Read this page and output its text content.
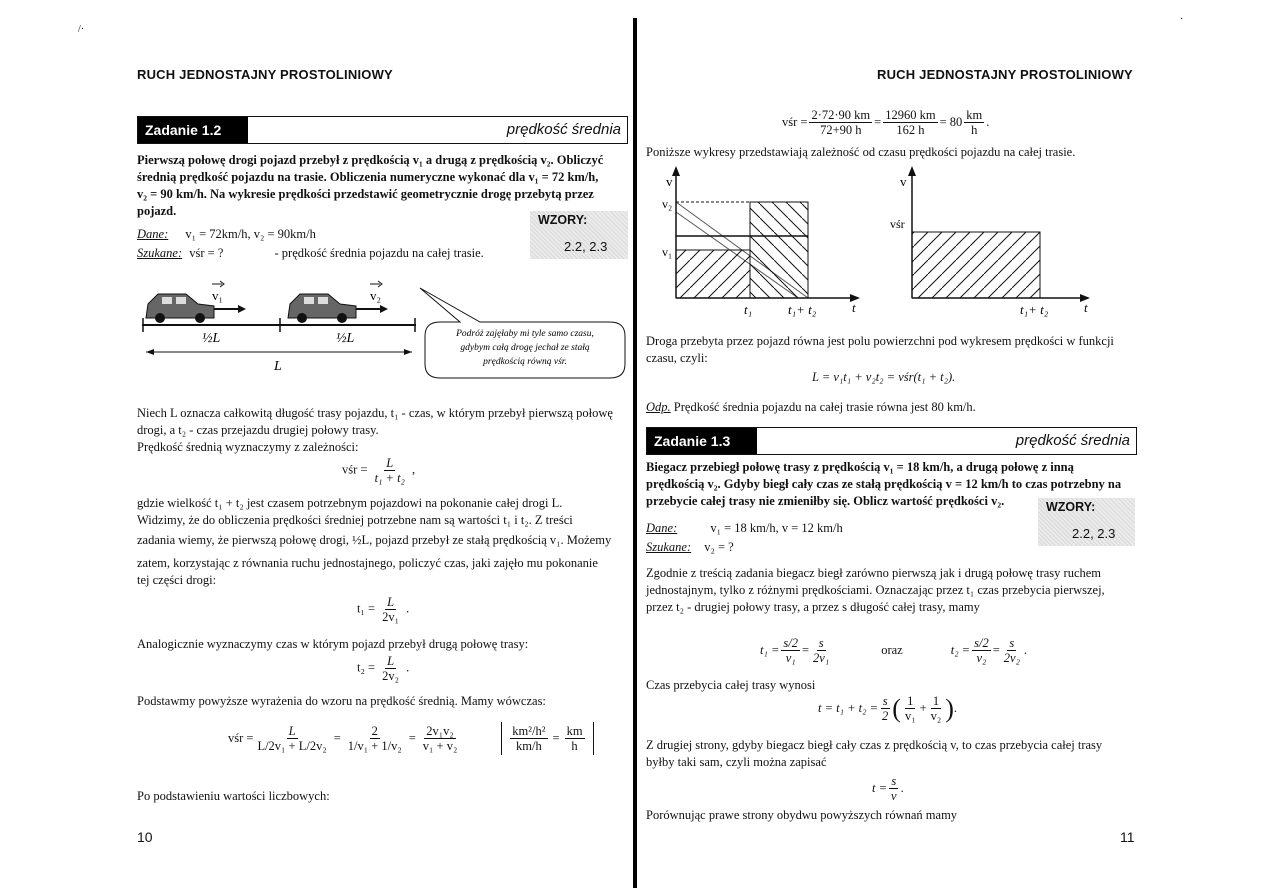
/·
·
RUCH JEDNOSTAJNY PROSTOLINIOWY
Zadanie 1.2	prędkość średnia
Pierwszą połowę drogi pojazd przebył z prędkością v₁ a drugą z prędkością v₂. Obliczyć
średnią prędkość pojazdu na trasie. Obliczenia numeryczne wykonać dla v₁ = 72 km/h,
v₂ = 90 km/h. Na wykresie prędkości przedstawić geometrycznie drogę przebytą przez
pojazd.
WZORY:
2.2, 2.3
Dane: v₁ = 72km/h, v₂ = 90km/h
Szukane: vśr = ?	- prędkość średnia pojazdu na całej trasie.
v₁	v₂
½L	½L
L
Podróż zajęłaby mi tyle samo czasu,
gdybym całą drogę jechał ze stałą
prędkością równą vśr.
Niech L oznacza całkowitą długość trasy pojazdu, t₁ - czas, w którym przebył pierwszą połowę
drogi, a t₂ - czas przejazdu drugiej połowy trasy.
Prędkość średnią wyznaczymy z zależności:
vśr = $\frac{L}{\text{t₁ + t₂}}$ ,
gdzie wielkość t₁ + t₂ jest czasem potrzebnym pojazdowi na pokonanie całej drogi L.
Widzimy, że do obliczenia prędkości średniej potrzebne nam są wartości t₁ i t₂. Z treści
zadania wiemy, że pierwszą połowę drogi, ½L, pojazd przebył ze stałą prędkością v₁. Możemy
zatem, korzystając z równania ruchu jednostajnego, policzyć czas, jaki zajęło mu pokonanie
tej części drogi:
$t_1 = \frac{L}{\text{2v₁}}$ .
Analogicznie wyznaczymy czas w którym pojazd przebył drugą połowę trasy:
$t_2 = \frac{L}{\text{2v₂}}$ .
Podstawmy powyższe wyrażenia do wzoru na prędkość średnią. Mamy wówczas:
vśr = $\frac{L}{\text{L/2v₁ + L/2v₂}} = \frac{2}{\text{1/v₁ + 1/v₂}} = \frac{\text{2v₁v₂}}{\text{v₁ + v₂}}$	$\frac{\text{km²/h²}}{km/h} = \frac{km}{h}$
Po podstawieniu wartości liczbowych:
10
RUCH JEDNOSTAJNY PROSTOLINIOWY
vśr = $\frac{2\cdot 72\cdot 90 km}{72+90 h} = \frac{12960 km}{162 h} = 80 \frac{km}{h}$ .
Poniższe wykresy przedstawiają zależność od czasu prędkości pojazdu na całej trasie.
v
v₂
v₁
t₁	t₁+ t₂	t
v
vśr
t₁+ t₂	t
Droga przebyta przez pojazd równa jest polu powierzchni pod wykresem prędkości w funkcji
czasu, czyli:
L = v₁t₁ + v₂t₂ = vśr(t₁ + t₂).
Odp. Prędkość średnia pojazdu na całej trasie równa jest 80 km/h.
Zadanie 1.3	prędkość średnia
Biegacz przebiegł połowę trasy z prędkością v₁ = 18 km/h, a drugą połowę z inną
prędkością v₂. Gdyby biegł cały czas ze stałą prędkością v = 12 km/h to czas potrzebny na
przebycie całej trasy nie zmieniłby się. Oblicz wartość prędkości v₂.	WZORY:
2.2, 2.3
Dane:	v₁ = 18 km/h, v = 12 km/h
Szukane: v₂ = ?
Zgodnie z treścią zadania biegacz biegł zarówno pierwszą jak i drugą połowę trasy ruchem
jednostajnym, tylko z różnymi prędkościami. Oznaczając przez t₁ czas przebycia pierwszej,
przez t₂ - drugiej połowy trasy, a przez s długość całej trasy, mamy
$t_1 = \frac{s/2}{\text{v₁}} = \frac{s}{\text{2v₁}}$	oraz	$t_2 = \frac{s/2}{\text{v₂}} = \frac{s}{\text{2v₂}}$ .
Czas przebycia całej trasy wynosi
$t = t_1 + t_2 = \frac{s}{2}$ ( $\frac{1}{\text{v₁}} + \frac{1}{\text{v₂}}$ ) .
Z drugiej strony, gdyby biegacz biegł cały czas z prędkością v, to czas przebycia całej trasy
byłby taki sam, czyli można zapisać
$t = \frac{s}{v}$ .
Porównując prawe strony obydwu powyższych równań mamy
11
